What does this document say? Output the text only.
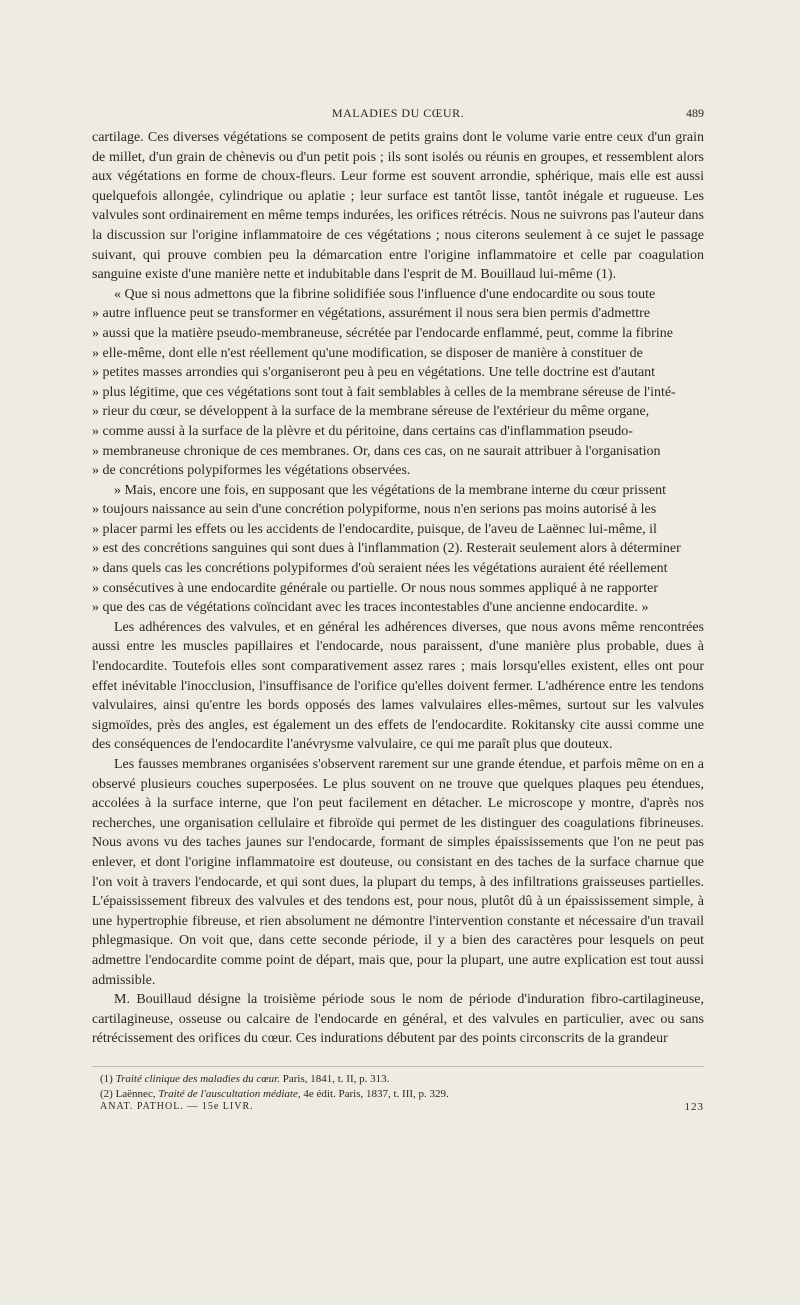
MALADIES DU CŒUR.	489

cartilage. Ces diverses végétations se composent de petits grains dont le volume varie entre ceux d'un grain de millet, d'un grain de chènevis ou d'un petit pois ; ils sont isolés ou réunis en groupes, et ressemblent alors aux végétations en forme de choux-fleurs. Leur forme est souvent arrondie, sphérique, mais elle est aussi quelquefois allongée, cylindrique ou aplatie ; leur surface est tantôt lisse, tantôt inégale et rugueuse. Les valvules sont ordinairement en même temps indurées, les orifices rétrécis. Nous ne suivrons pas l'auteur dans la discussion sur l'origine inflammatoire de ces végétations ; nous citerons seulement à ce sujet le passage suivant, qui prouve combien peu la démarcation entre l'origine inflammatoire et celle par coagulation sanguine existe d'une manière nette et indubitable dans l'esprit de M. Bouillaud lui-même (1).

« Que si nous admettons que la fibrine solidifiée sous l'influence d'une endocardite ou sous toute
» autre influence peut se transformer en végétations, assurément il nous sera bien permis d'admettre
» aussi que la matière pseudo-membraneuse, sécrétée par l'endocarde enflammé, peut, comme la fibrine
» elle-même, dont elle n'est réellement qu'une modification, se disposer de manière à constituer de
» petites masses arrondies qui s'organiseront peu à peu en végétations. Une telle doctrine est d'autant
» plus légitime, que ces végétations sont tout à fait semblables à celles de la membrane séreuse de l'inté-
» rieur du cœur, se développent à la surface de la membrane séreuse de l'extérieur du même organe,
» comme aussi à la surface de la plèvre et du péritoine, dans certains cas d'inflammation pseudo-
» membraneuse chronique de ces membranes. Or, dans ces cas, on ne saurait attribuer à l'organisation
» de concrétions polypiformes les végétations observées.

» Mais, encore une fois, en supposant que les végétations de la membrane interne du cœur prissent
» toujours naissance au sein d'une concrétion polypiforme, nous n'en serions pas moins autorisé à les
» placer parmi les effets ou les accidents de l'endocardite, puisque, de l'aveu de Laënnec lui-même, il
» est des concrétions sanguines qui sont dues à l'inflammation (2). Resterait seulement alors à déterminer
» dans quels cas les concrétions polypiformes d'où seraient nées les végétations auraient été réellement
» consécutives à une endocardite générale ou partielle. Or nous nous sommes appliqué à ne rapporter
» que des cas de végétations coïncidant avec les traces incontestables d'une ancienne endocardite. »

Les adhérences des valvules, et en général les adhérences diverses, que nous avons même rencontrées aussi entre les muscles papillaires et l'endocarde, nous paraissent, d'une manière plus probable, dues à l'endocardite. Toutefois elles sont comparativement assez rares ; mais lorsqu'elles existent, elles ont pour effet inévitable l'inocclusion, l'insuffisance de l'orifice qu'elles doivent fermer. L'adhérence entre les tendons valvulaires, ainsi qu'entre les bords opposés des lames valvulaires elles-mêmes, surtout sur les valvules sigmoïdes, près des angles, est également un des effets de l'endocardite. Rokitansky cite aussi comme une des conséquences de l'endocardite l'anévrysme valvulaire, ce qui me paraît plus que douteux.

Les fausses membranes organisées s'observent rarement sur une grande étendue, et parfois même on en a observé plusieurs couches superposées. Le plus souvent on ne trouve que quelques plaques peu étendues, accolées à la surface interne, que l'on peut facilement en détacher. Le microscope y montre, d'après nos recherches, une organisation cellulaire et fibroïde qui permet de les distinguer des coagulations fibrineuses. Nous avons vu des taches jaunes sur l'endocarde, formant de simples épaississements que l'on ne peut pas enlever, et dont l'origine inflammatoire est douteuse, ou consistant en des taches de la surface charnue que l'on voit à travers l'endocarde, et qui sont dues, la plupart du temps, à des infiltrations graisseuses partielles. L'épaississement fibreux des valvules et des tendons est, pour nous, plutôt dû à un épaississement simple, à une hypertrophie fibreuse, et rien absolument ne démontre l'intervention constante et nécessaire d'un travail phlegmasique. On voit que, dans cette seconde période, il y a bien des caractères pour lesquels on peut admettre l'endocardite comme point de départ, mais que, pour la plupart, une autre explication est tout aussi admissible.

M. Bouillaud désigne la troisième période sous le nom de période d'induration fibro-cartilagineuse, cartilagineuse, osseuse ou calcaire de l'endocarde en général, et des valvules en particulier, avec ou sans rétrécissement des orifices du cœur. Ces indurations débutent par des points circonscrits de la grandeur

(1) Traité clinique des maladies du cœur. Paris, 1841, t. II, p. 313.

(2) Laënnec, Traité de l'auscultation médiate, 4e édit. Paris, 1837, t. III, p. 329.

ANAT. PATHOL. — 15e LIVR.	123
